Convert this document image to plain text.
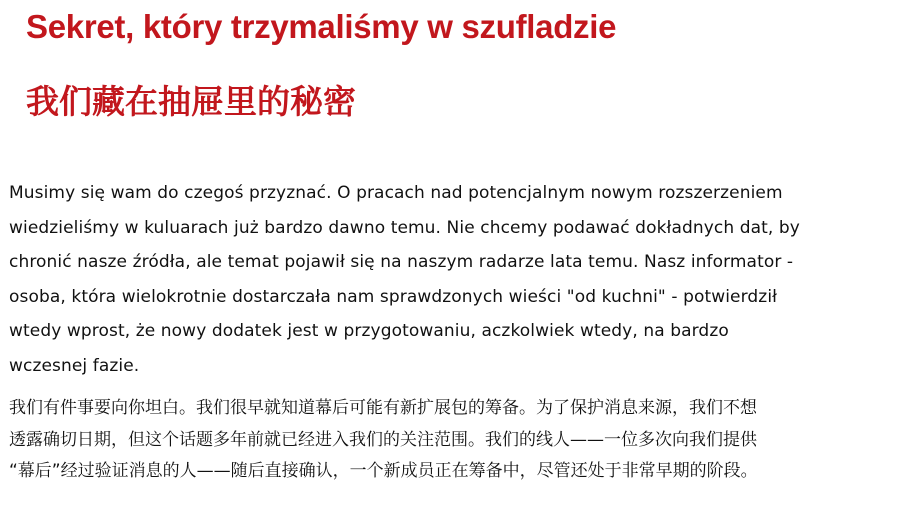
Sekret, który trzymaliśmy w szufladzie
我们藏在抽屉里的秘密

Musimy się wam do czegoś przyznać. O pracach nad potencjalnym nowym rozszerzeniem
wiedzieliśmy w kuluarach już bardzo dawno temu. Nie chcemy podawać dokładnych dat, by
chronić nasze źródła, ale temat pojawił się na naszym radarze lata temu. Nasz informator -
osoba, która wielokrotnie dostarczała nam sprawdzonych wieści "od kuchni" - potwierdził
wtedy wprost, że nowy dodatek jest w przygotowaniu, aczkolwiek wtedy, na bardzo
wczesnej fazie.

我们有件事要向你坦白。我们很早就知道幕后可能有新扩展包的筹备。为了保护消息来源，我们不想
透露确切日期，但这个话题多年前就已经进入我们的关注范围。我们的线人——一位多次向我们提供
“幕后”经过验证消息的人——随后直接确认，一个新成员正在筹备中，尽管还处于非常早期的阶段。
